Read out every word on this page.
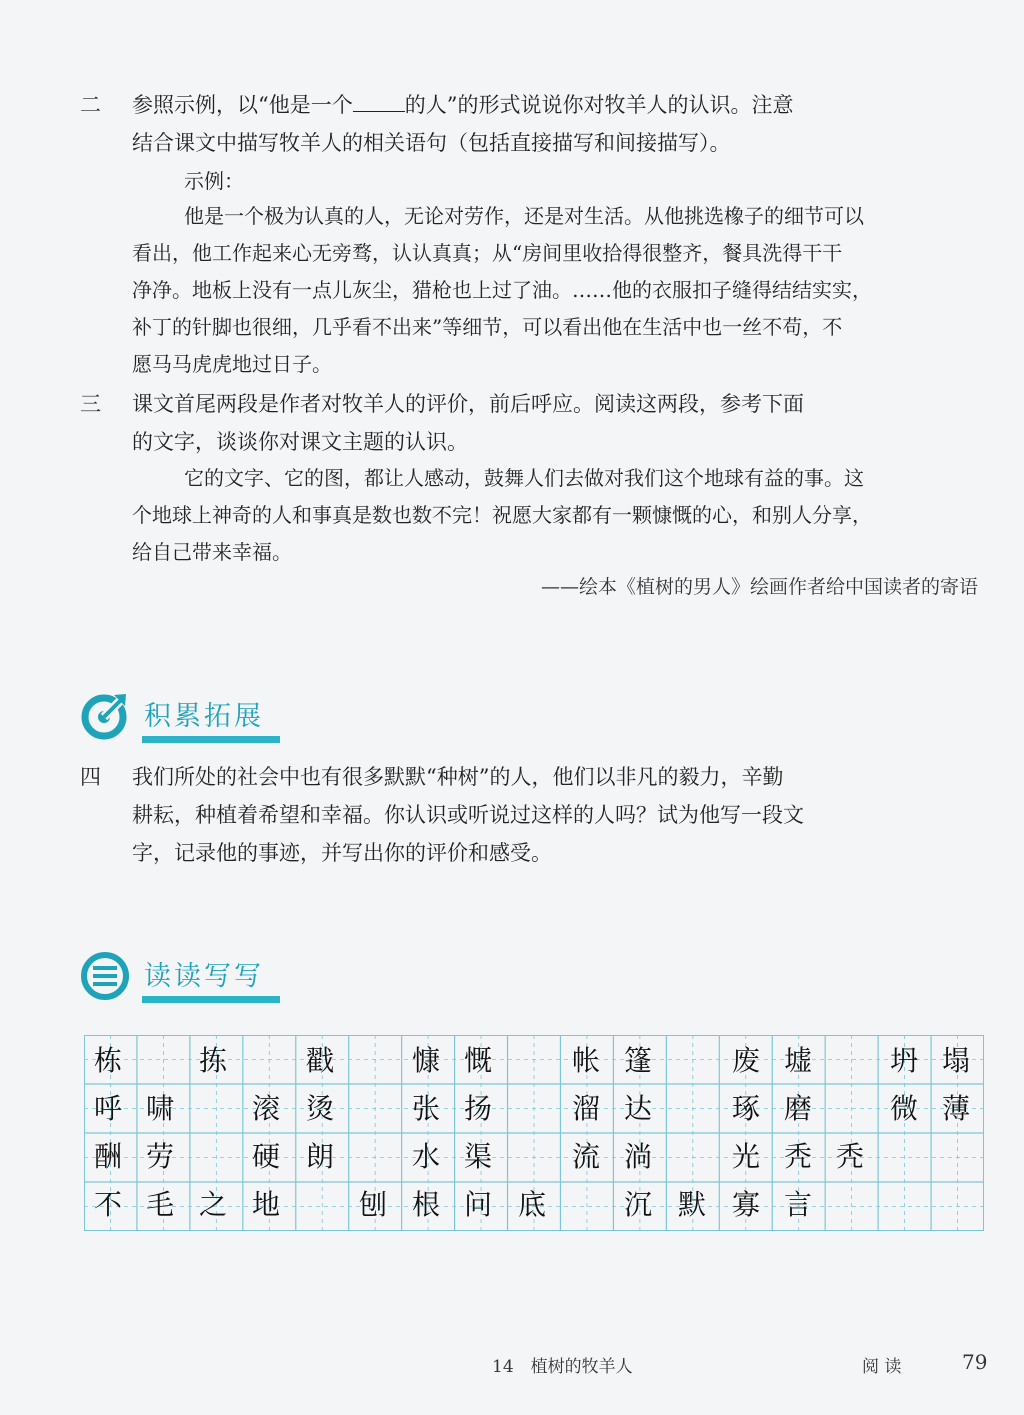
二	参照示例，以“他是一个 的人”的形式说说你对牧羊人的认识。注意
结合课文中描写牧羊人的相关语句（包括直接描写和间接描写）。
示例：
他是一个极为认真的人，无论对劳作，还是对生活。从他挑选橡子的细节可以
看出，他工作起来心无旁骛，认认真真；从“房间里收拾得很整齐，餐具洗得干干
净净。地板上没有一点儿灰尘，猎枪也上过了油。……他的衣服扣子缝得结结实实，
补丁的针脚也很细，几乎看不出来”等细节，可以看出他在生活中也一丝不苟，不
愿马马虎虎地过日子。
三	课文首尾两段是作者对牧羊人的评价，前后呼应。阅读这两段，参考下面
的文字，谈谈你对课文主题的认识。
它的文字、它的图，都让人感动，鼓舞人们去做对我们这个地球有益的事。这
个地球上神奇的人和事真是数也数不完！祝愿大家都有一颗慷慨的心，和别人分享，
给自己带来幸福。
——绘本《植树的男人》绘画作者给中国读者的寄语
积累拓展
四	我们所处的社会中也有很多默默“种树”的人，他们以非凡的毅力，辛勤
耕耘，种植着希望和幸福。你认识或听说过这样的人吗？试为他写一段文
字，记录他的事迹，并写出你的评价和感受。
读读写写
栋	拣	戳	慷 慨	帐 篷	废 墟	坍 塌
呼 啸	滚 烫	张 扬	溜 达	琢 磨	微 薄
酬 劳	硬 朗	水 渠	流 淌	光 秃 秃
不 毛 之 地	刨 根 问 底	沉 默 寡 言
14　植树的牧羊人	阅 读	79
